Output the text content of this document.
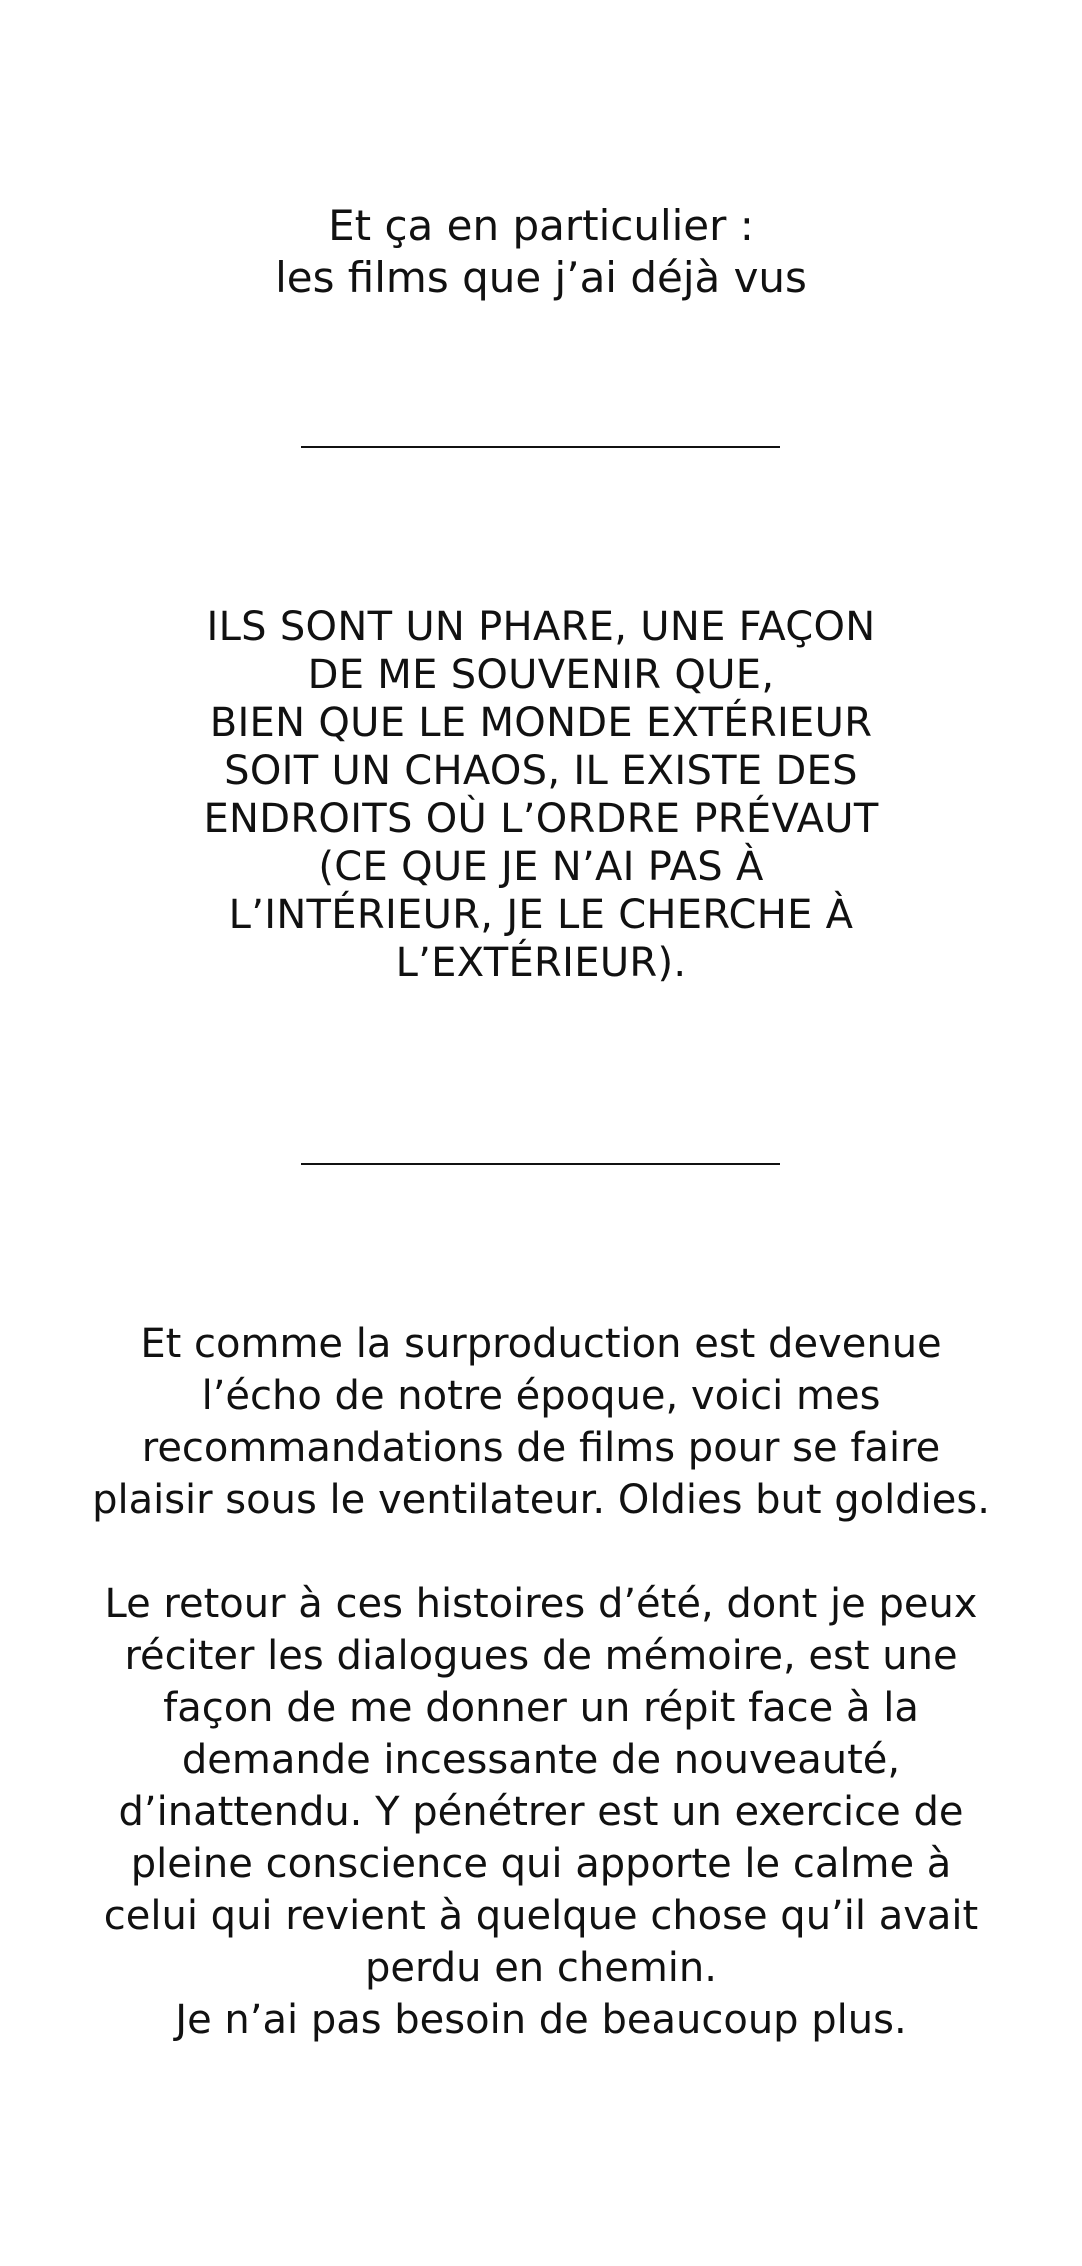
Et ça en particulier :
les films que j’ai déjà vus
ILS SONT UN PHARE, UNE FAÇON
DE ME SOUVENIR QUE,
BIEN QUE LE MONDE EXTÉRIEUR
SOIT UN CHAOS, IL EXISTE DES
ENDROITS OÙ L’ORDRE PRÉVAUT
(CE QUE JE N’AI PAS À
L’INTÉRIEUR, JE LE CHERCHE À
L’EXTÉRIEUR).
Et comme la surproduction est devenue
l’écho de notre époque, voici mes
recommandations de films pour se faire
plaisir sous le ventilateur. Oldies but goldies.
Le retour à ces histoires d’été, dont je peux
réciter les dialogues de mémoire, est une
façon de me donner un répit face à la
demande incessante de nouveauté,
d’inattendu. Y pénétrer est un exercice de
pleine conscience qui apporte le calme à
celui qui revient à quelque chose qu’il avait
perdu en chemin.
Je n’ai pas besoin de beaucoup plus.
